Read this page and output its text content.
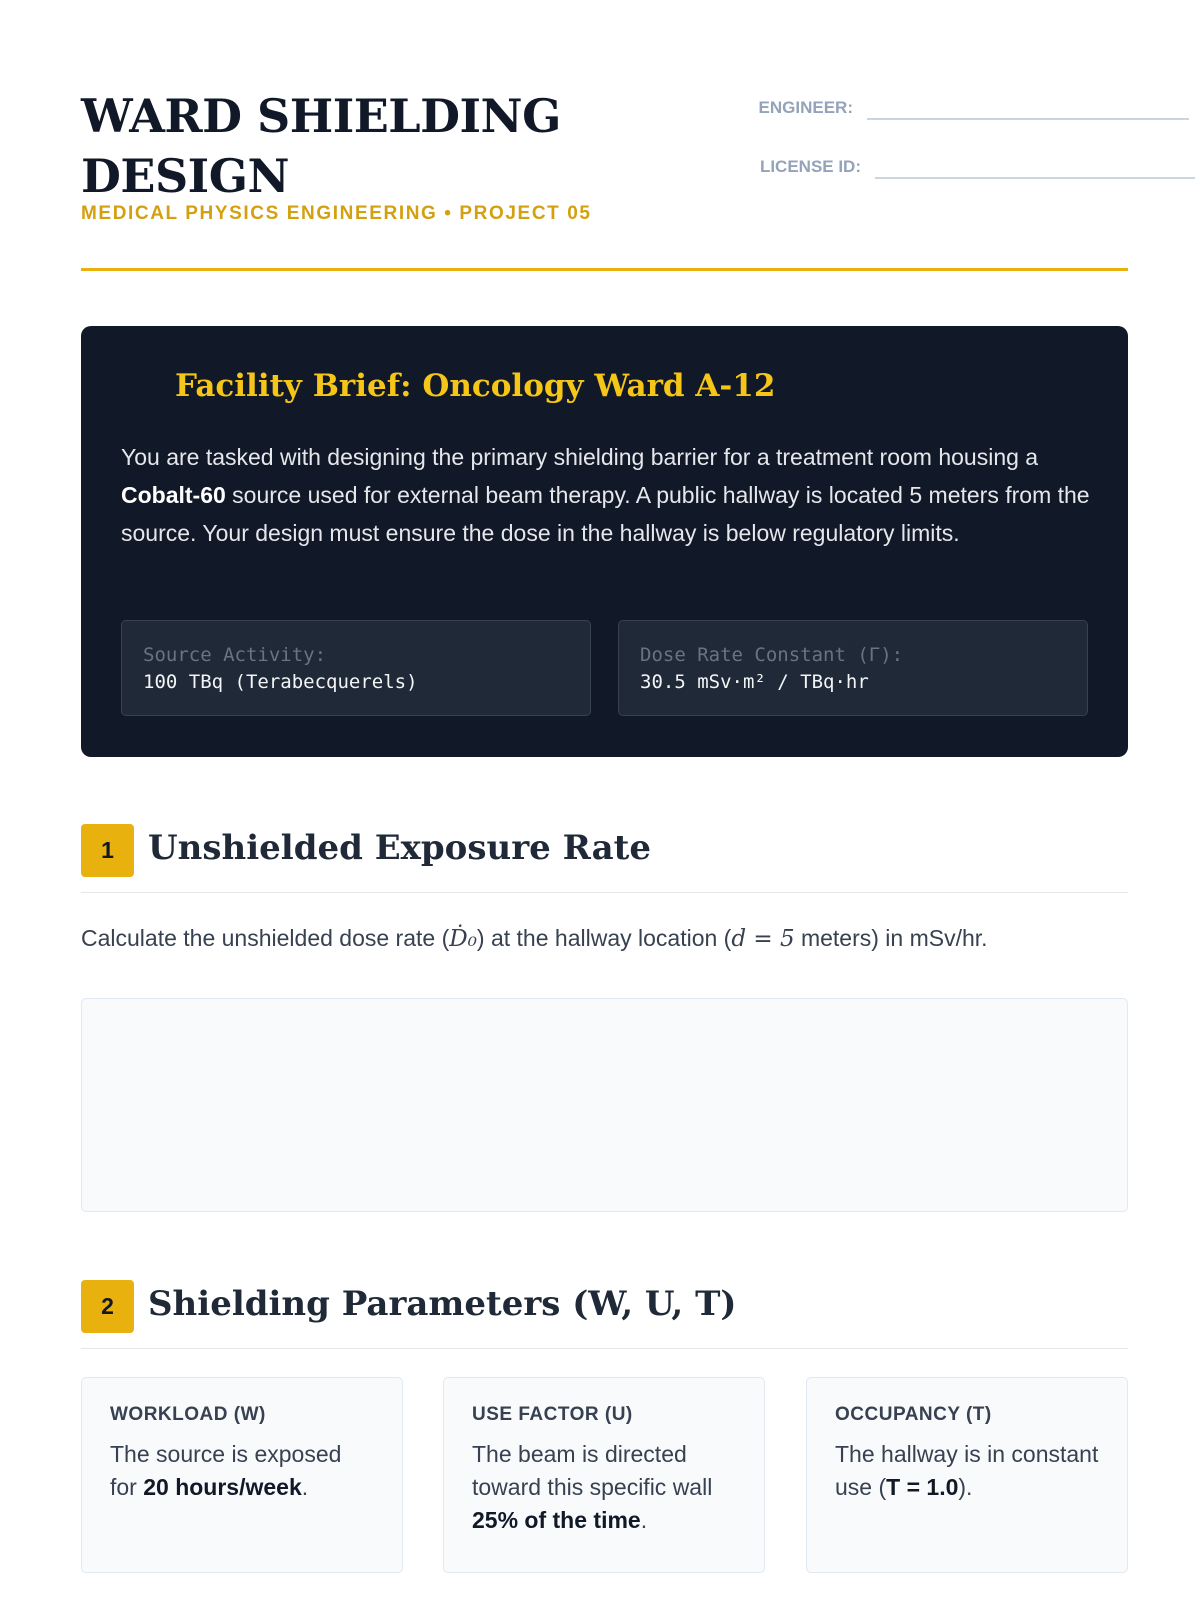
WARD SHIELDING DESIGN
MEDICAL PHYSICS ENGINEERING • PROJECT 05
ENGINEER:
LICENSE ID:
Facility Brief: Oncology Ward A-12

You are tasked with designing the primary shielding barrier for a treatment room housing a Cobalt-60 source used for external beam therapy. A public hallway is located 5 meters from the source. Your design must ensure the dose in the hallway is below regulatory limits.

Source Activity:
100 TBq (Terabecquerels)
Dose Rate Constant (Γ):
30.5 mSv·m² / TBq·hr
1	Unshielded Exposure Rate

Calculate the unshielded dose rate (Ḋ₀) at the hallway location (d = 5 meters) in mSv/hr.

2	Shielding Parameters (W, U, T)
WORKLOAD (W)

The source is exposed for 20 hours/week.

USE FACTOR (U)

The beam is directed toward this specific wall 25% of the time.

OCCUPANCY (T)

The hallway is in constant use (T = 1.0).
